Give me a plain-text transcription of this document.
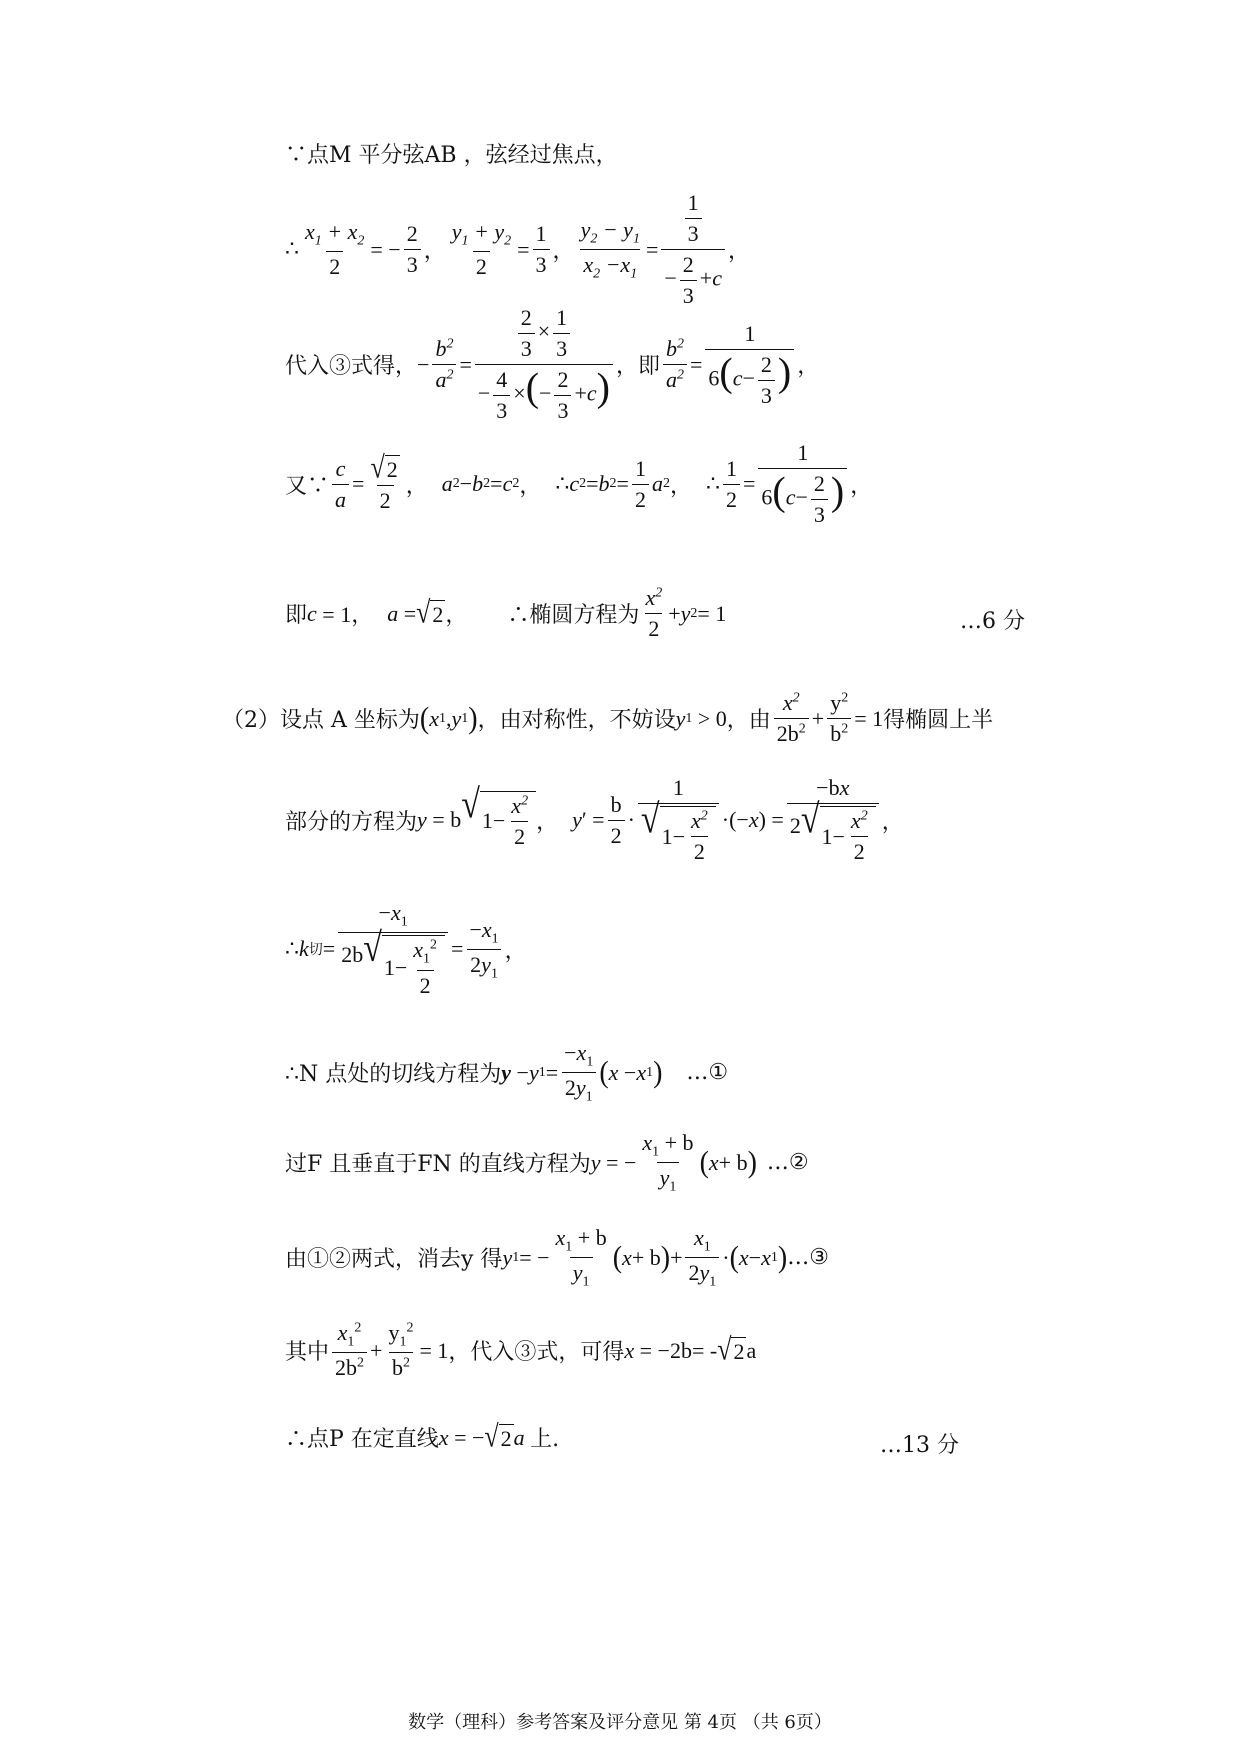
∵点M 平分弦AB ，弦经过焦点，
∴ $\frac{x_1 + x_2}{2}$ = − $\frac{2}{3}$ ， $\frac{y_1 + y_2}{2} = \frac{1}{3}$ ， $\frac{y_2 - y_1}{x_2 -x_1} = \frac{\frac{1}{3}}{- \frac{2}{3} +c}$ ，
代入③式得， − $\frac{b^2}{a^2} = \frac{\frac{2}{3} \times \frac{1}{3}}{- \frac{4}{3} \times(- \frac{2}{3} +c)}$ ，即 $\frac{b^2}{a^2} = \frac{1}{6(c- \frac{2}{3} )}$ ，
又∵ $\frac{c}{a} = \frac{√ 2}{2}$ ， a 2 − b 2 = c 2 ，
∴ c 2 = b $2 = \frac{1}{2}$ a 2 ，
∴ $\frac{1}{2} = \frac{1}{6(c- \frac{2}{3} )}$ ，
即 c = 1， a = √ 2 ， ∴椭圆方程为 $\frac{x^2}{2} + y$ 2 = 1	…6 分
（2）设点 A 坐标为 ( x 1 , y 1 ) ，由对称性，不妨设 y 1 > 0 ，由 $\frac{x^2}{2b^2} + \frac{y^2}{b^2} = 1$ 得椭圆上半
部分的方程为 y = b √ $1- \frac{x^2}{2}$ ， y ′ = $\frac{b}{2} \cdot \frac{1}{√ 1- \frac{x^2}{2}}$ ·(− x ) = $\frac{-bx}{2 √ 1- \frac{x^2}{2}}$ ，
∴ k 切 = $\frac{-x_1}{2b √ 1- \frac{x_1^2}{2}} = \frac{-x_1}{2y_1}$ ，
∴N 点处的切线方程为 y − y $1 = \frac{-x_1}{2y_1}$ ( x − x 1 ) …①
过F 且垂直于FN 的直线方程为 y = − $\frac{x_1 + b}{y_1}$ ( x + b ) …②
由①②两式，消去y 得 y 1 = − $\frac{x_1 + b}{y_1}$ ( x + b ) + $\frac{x_1}{2y_1}$ · ( x − x 1 ) …③
其中 $\frac{x_1^2}{2b^2} + \frac{y_1^2}{b^2} = 1$ ，代入③式，可得 x = −2b= - √ 2 a
∴点P 在定直线 x = − √ 2 a
上.	…13 分
数学（理科）参考答案及评分意见 第 4页 （共 6页）
